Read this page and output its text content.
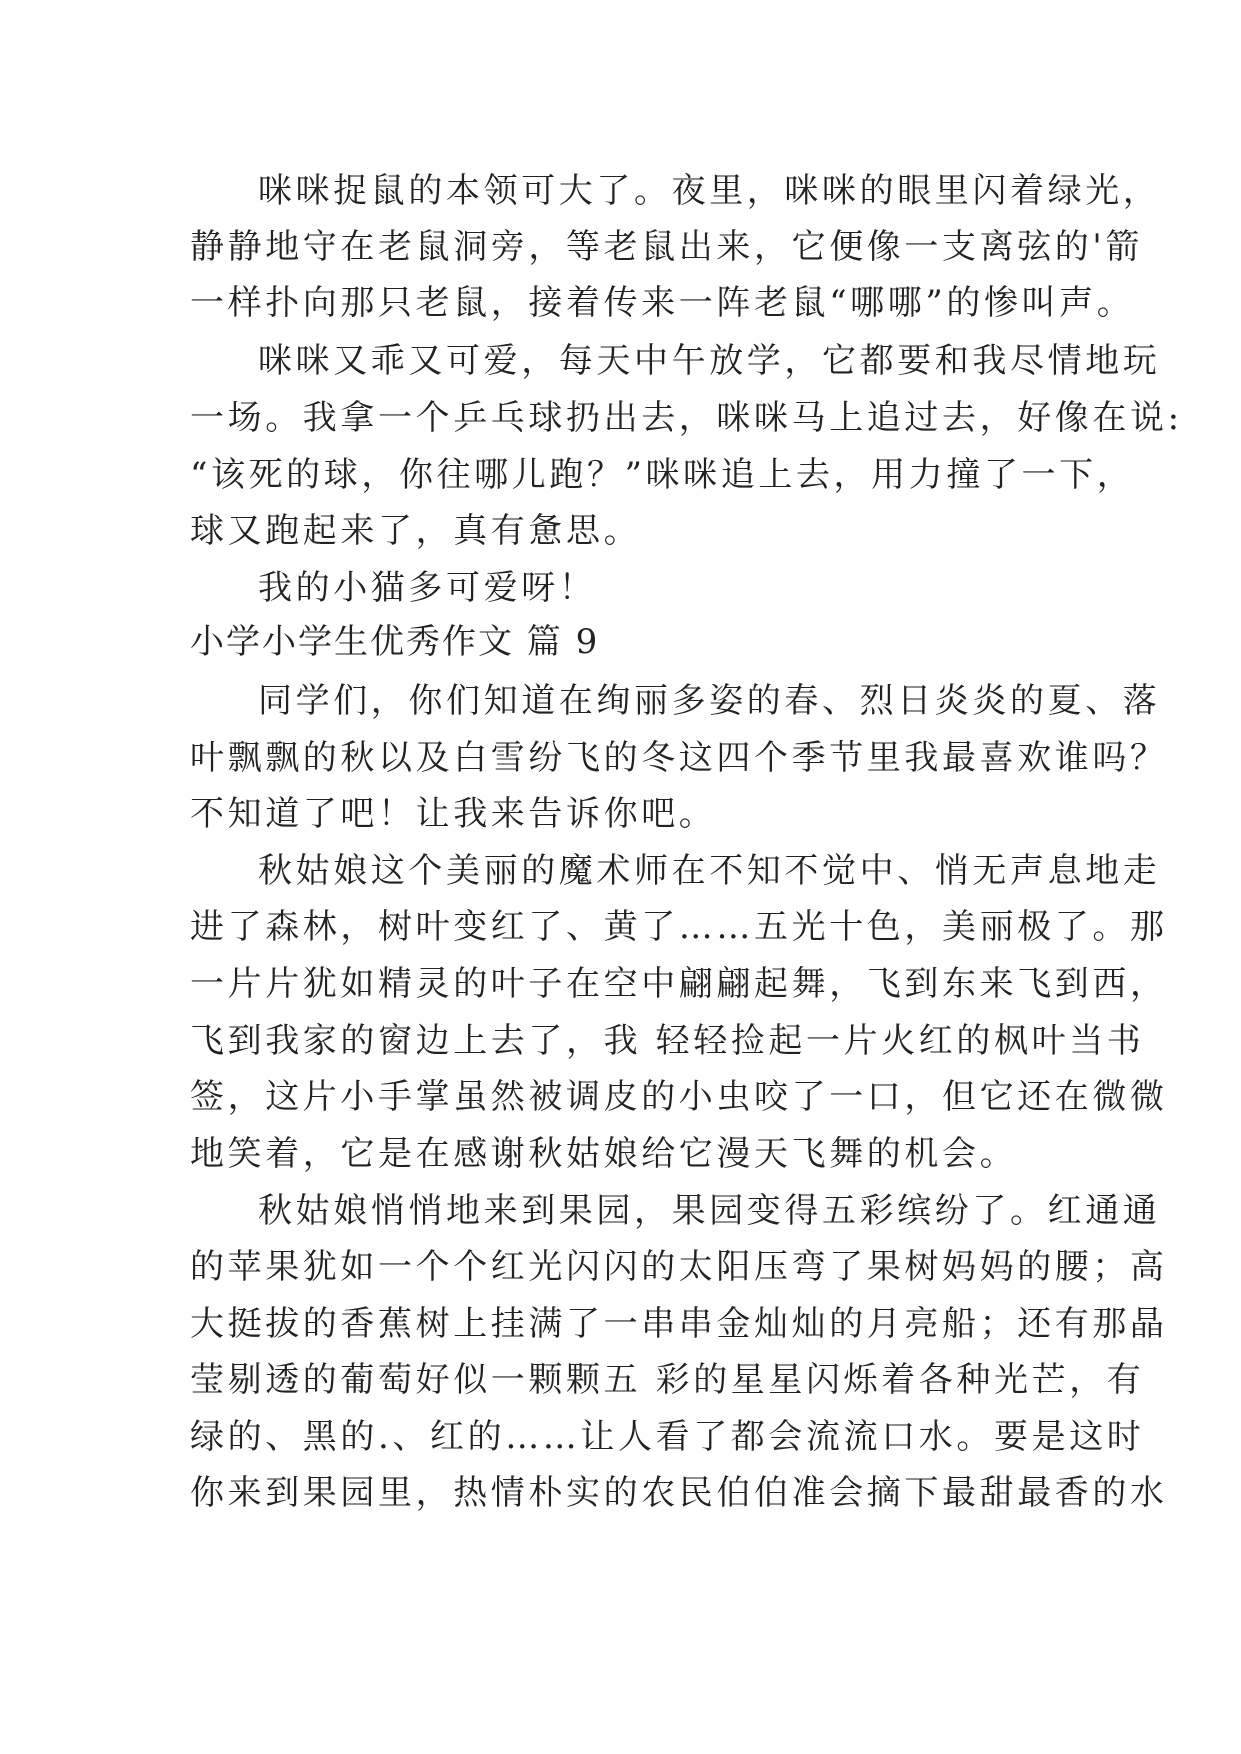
咪咪捉鼠的本领可大了。夜里，咪咪的眼里闪着绿光，
静静地守在老鼠洞旁，等老鼠出来，它便像一支离弦的'箭
一样扑向那只老鼠，接着传来一阵老鼠“哪哪”的惨叫声。
咪咪又乖又可爱，每天中午放学，它都要和我尽情地玩
一场。我拿一个乒乓球扔出去，咪咪马上追过去，好像在说:
“该死的球，你往哪儿跑？”咪咪追上去，用力撞了一下，
球又跑起来了，真有惫思。
我的小猫多可爱呀！
小学小学生优秀作文 篇 9
同学们，你们知道在绚丽多姿的春、烈日炎炎的夏、落
叶飘飘的秋以及白雪纷飞的冬这四个季节里我最喜欢谁吗？
不知道了吧！让我来告诉你吧。
秋姑娘这个美丽的魔术师在不知不觉中、悄无声息地走
进了森林，树叶变红了、黄了……五光十色，美丽极了。那
一片片犹如精灵的叶子在空中翩翩起舞，飞到东来飞到西，
飞到我家的窗边上去了，我 轻轻捡起一片火红的枫叶当书
签，这片小手掌虽然被调皮的小虫咬了一口，但它还在微微
地笑着，它是在感谢秋姑娘给它漫天飞舞的机会。
秋姑娘悄悄地来到果园，果园变得五彩缤纷了。红通通
的苹果犹如一个个红光闪闪的太阳压弯了果树妈妈的腰；高
大挺拔的香蕉树上挂满了一串串金灿灿的月亮船；还有那晶
莹剔透的葡萄好似一颗颗五 彩的星星闪烁着各种光芒，有
绿的、黑的.、红的……让人看了都会流流口水。要是这时
你来到果园里，热情朴实的农民伯伯准会摘下最甜最香的水
